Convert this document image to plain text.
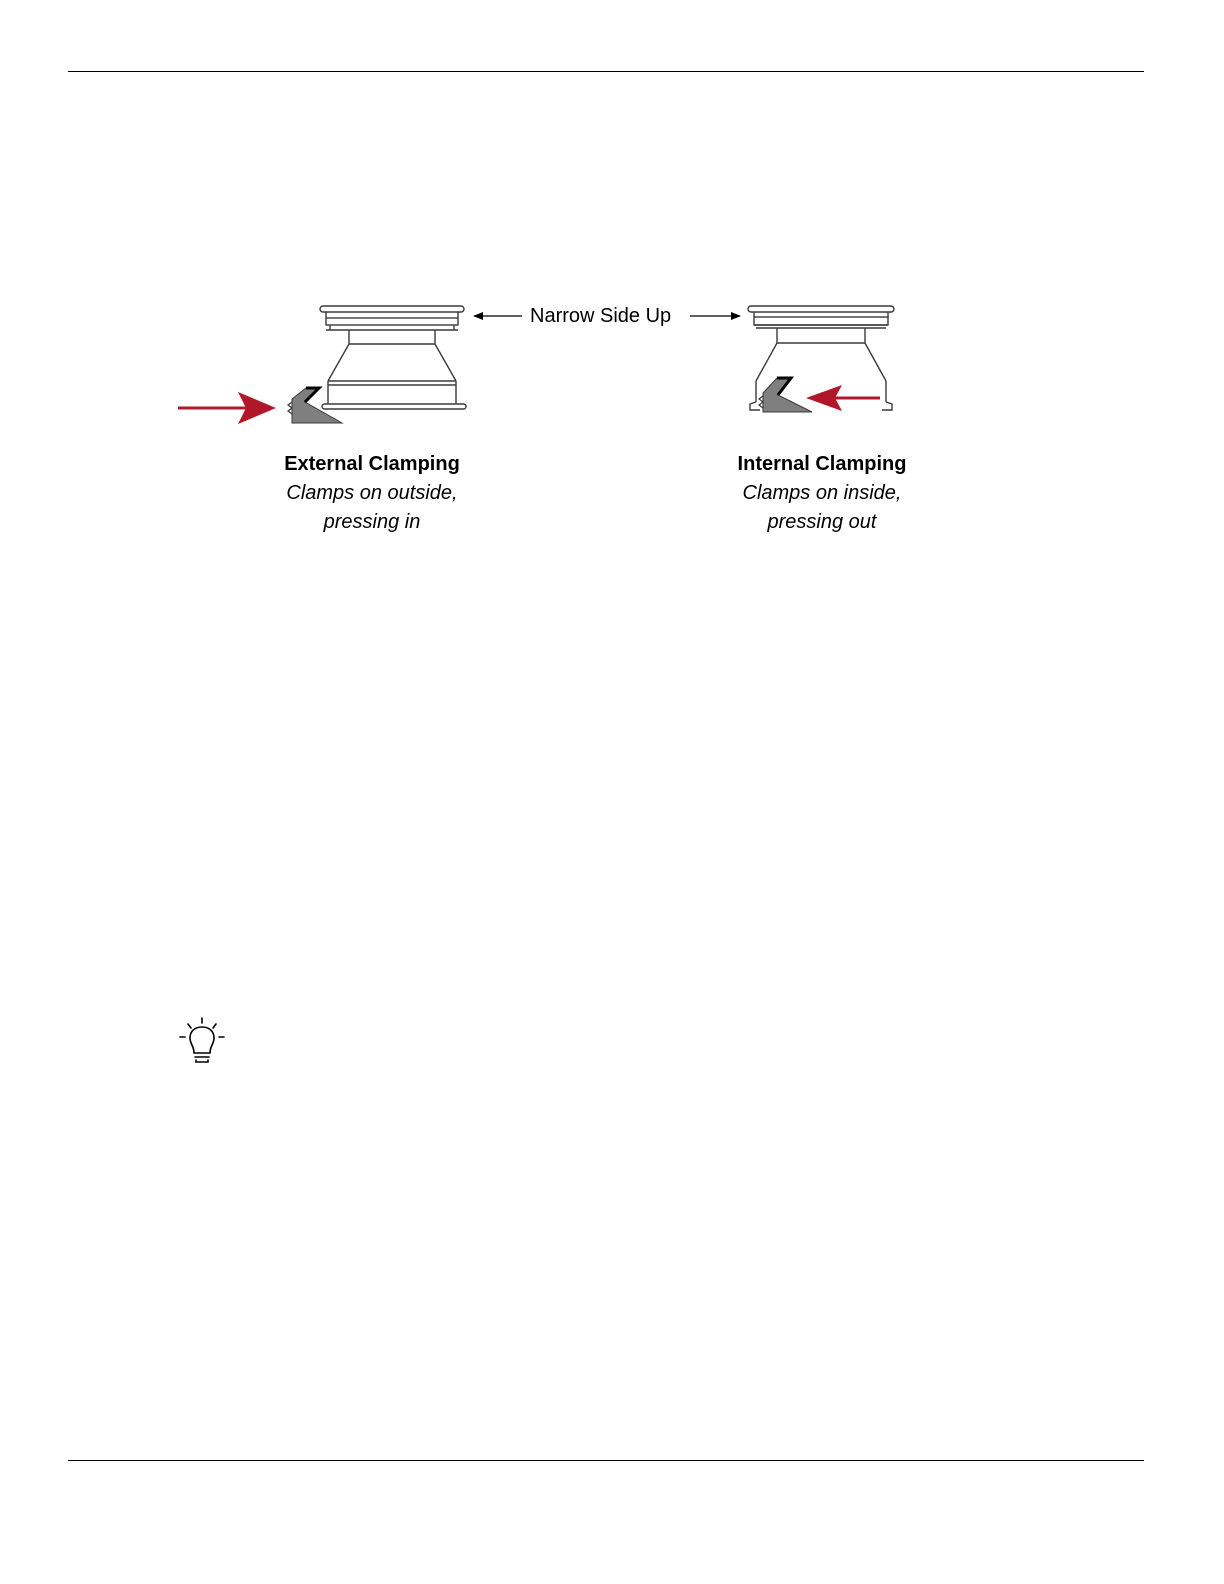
Narrow Side Up
External Clamping
Clamps on outside,
pressing in
Internal Clamping
Clamps on inside,
pressing out
